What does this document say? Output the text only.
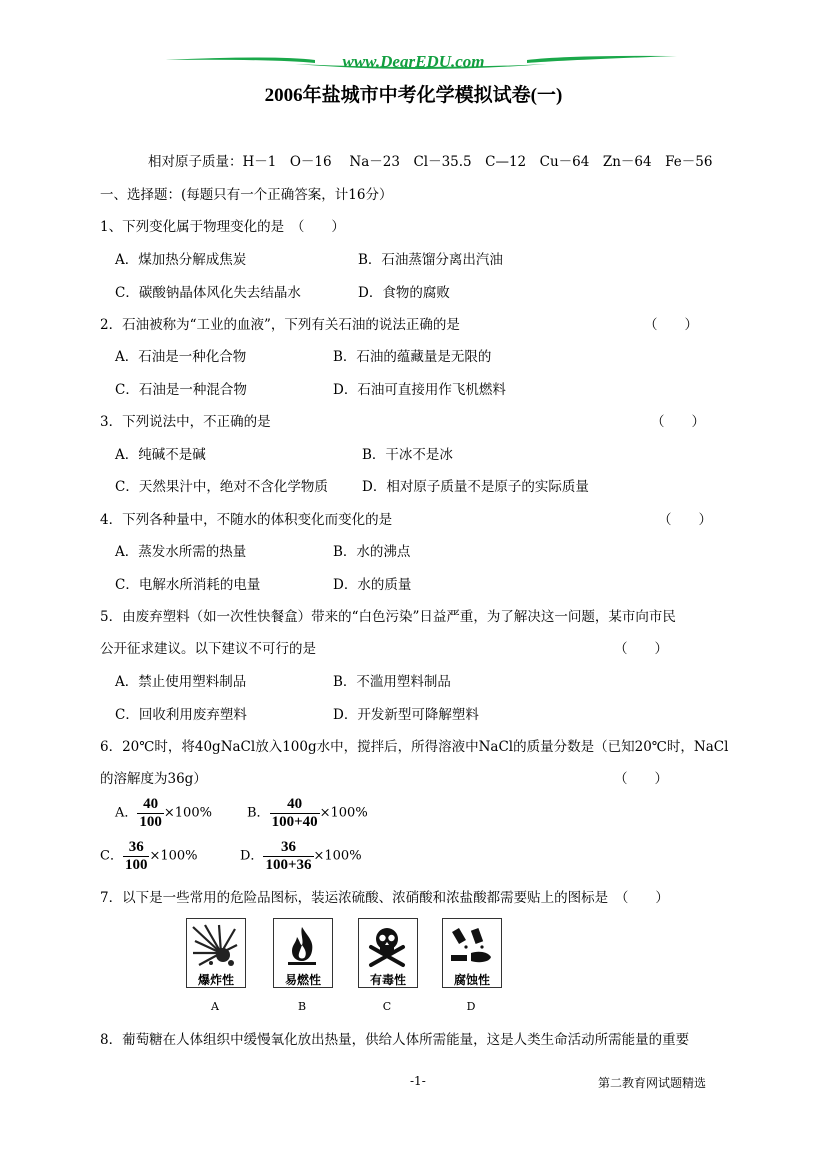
www.DearEDU.com
2006年盐城市中考化学模拟试卷(一)
相对原子质量：H－1　O－16　 Na－23　Cl－35.5　C—12　Cu－64　Zn－64　Fe－56
一、选择题：(每题只有一个正确答案，计16分）
1、下列变化属于物理变化的是　（　　）
A．煤加热分解成焦炭	B．石油蒸馏分离出汽油
C．碳酸钠晶体风化失去结晶水	D．食物的腐败
2．石油被称为“工业的血液”，下列有关石油的说法正确的是	（　　）
A．石油是一种化合物	B．石油的蕴藏量是无限的
C．石油是一种混合物	D．石油可直接用作飞机燃料
3．下列说法中，不正确的是	（　　）
A．纯碱不是碱	B．干冰不是冰
C．天然果汁中，绝对不含化学物质	D．相对原子质量不是原子的实际质量
4．下列各种量中，不随水的体积变化而变化的是	（　　）
A．蒸发水所需的热量	B．水的沸点
C．电解水所消耗的电量	D．水的质量
5．由废弃塑料（如一次性快餐盒）带来的“白色污染”日益严重，为了解决这一问题，某市向市民
公开征求建议。以下建议不可行的是	（　　）
A．禁止使用塑料制品	B．不滥用塑料制品
C．回收利用废弃塑料	D．开发新型可降解塑料
6．20℃时，将40gNaCl放入100g水中，搅拌后，所得溶液中NaCl的质量分数是（已知20℃时，NaCl
的溶解度为36g）	（　　）
A． $\frac{40}{100} \times 100\%$	B． $\frac{40}{100+40} \times 100\%$
C． $\frac{36}{100} \times 100\%$	D． $\frac{36}{100+36} \times 100\%$
7．以下是一些常用的危险品图标，装运浓硫酸、浓硝酸和浓盐酸都需要贴上的图标是　（　　）
爆炸性	易燃性	有毒性	腐蚀性
A	B	C	D
8．葡萄糖在人体组织中缓慢氧化放出热量，供给人体所需能量，这是人类生命活动所需能量的重要
-1-	第二教育网试题精选
